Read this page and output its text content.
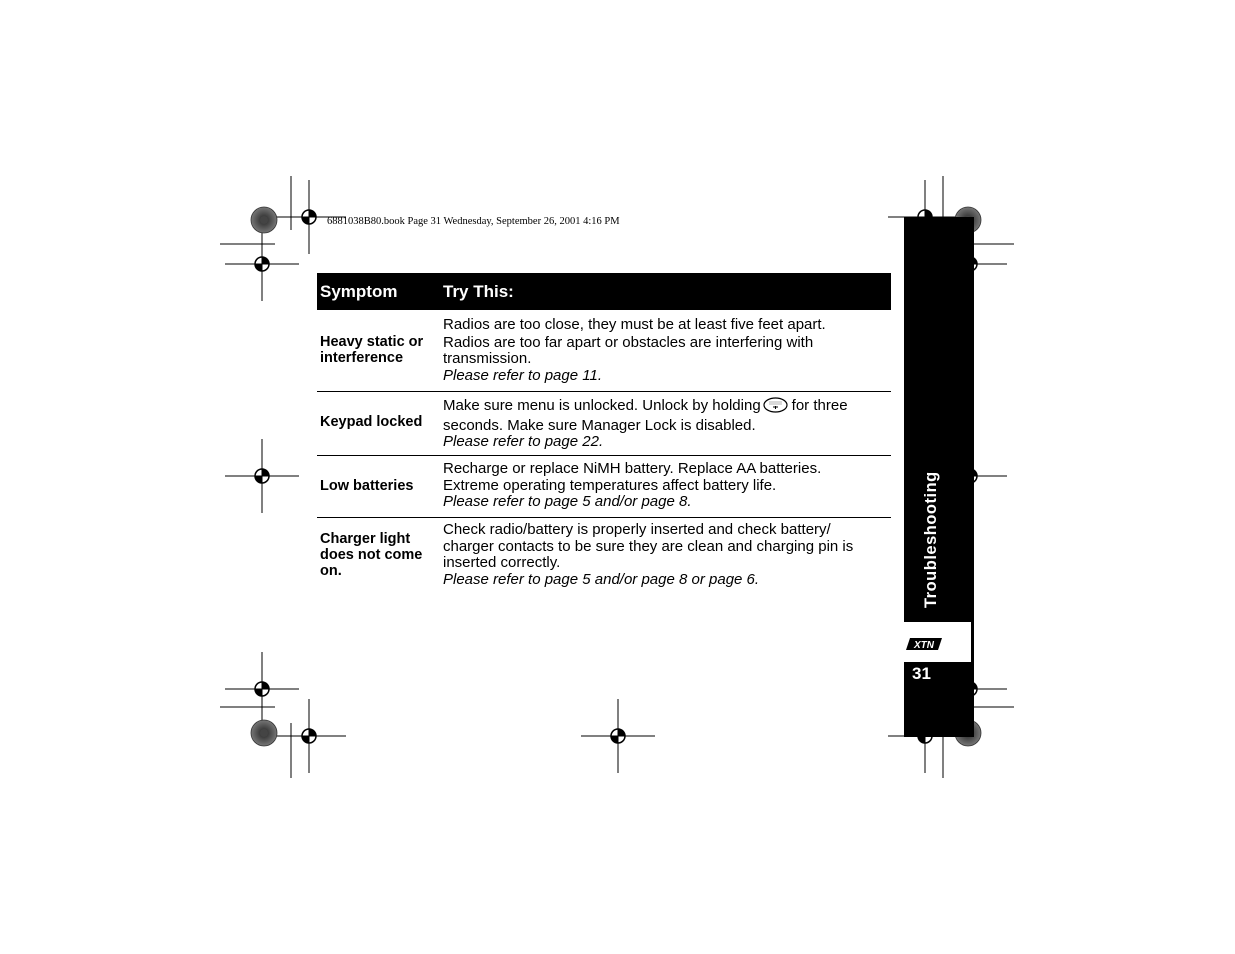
6881038B80.book Page 31 Wednesday, September 26, 2001 4:16 PM
Symptom	Try This:
Heavy static or interference

Radios are too close, they must be at least five feet apart.

Radios are too far apart or obstacles are interfering with transmission.

Please refer to page 11.

Keypad locked

Make sure menu is unlocked. Unlock by holding for three seconds. Make sure Manager Lock is disabled.

Please refer to page 22.

Low batteries

Recharge or replace NiMH battery. Replace AA batteries.

Extreme operating temperatures affect battery life.

Please refer to page 5 and/or page 8.

Charger light does not come on.

Check radio/battery is properly inserted and check battery/ charger contacts to be sure they are clean and charging pin is inserted correctly.

Please refer to page 5 and/or page 8 or page 6.	Troubleshooting
XTN
31
